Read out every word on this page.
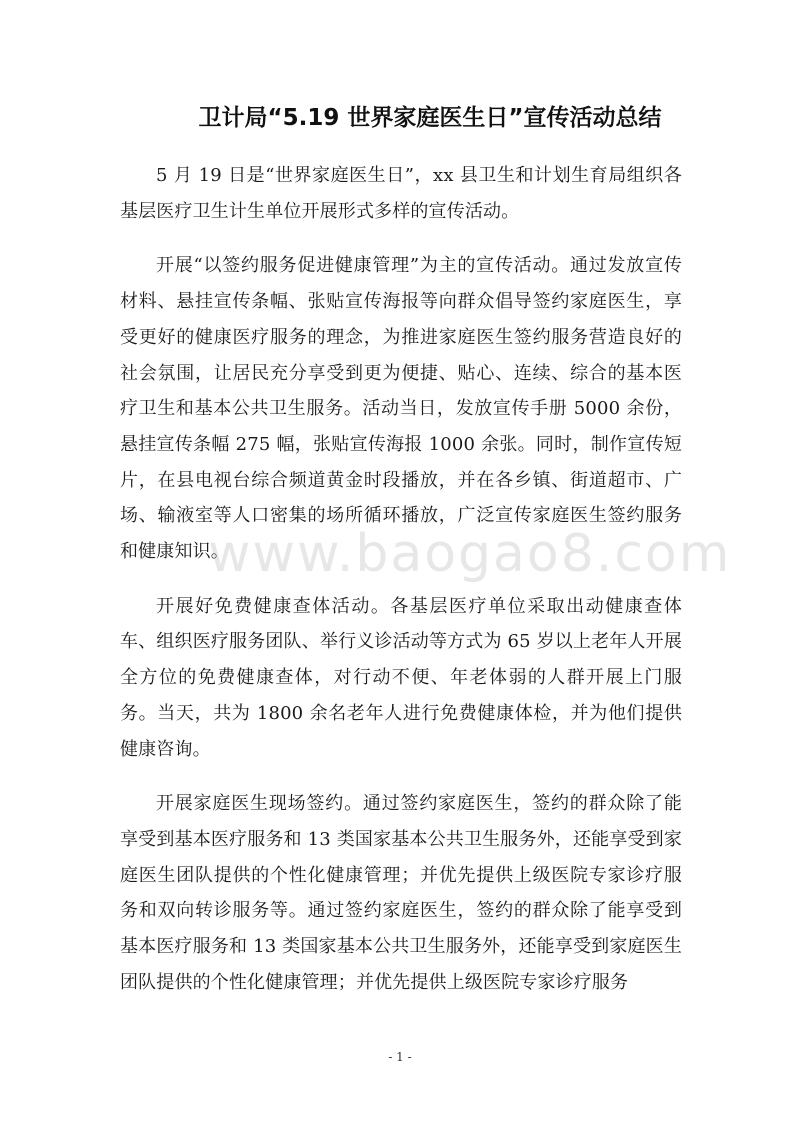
卫计局“5.19 世界家庭医生日”宣传活动总结

5 月 19 日是“世界家庭医生日”，xx 县卫生和计划生育局组织各基层医疗卫生计生单位开展形式多样的宣传活动。

开展“以签约服务促进健康管理”为主的宣传活动。通过发放宣传材料、悬挂宣传条幅、张贴宣传海报等向群众倡导签约家庭医生，享受更好的健康医疗服务的理念，为推进家庭医生签约服务营造良好的社会氛围，让居民充分享受到更为便捷、贴心、连续、综合的基本医疗卫生和基本公共卫生服务。活动当日，发放宣传手册 5000 余份，悬挂宣传条幅 275 幅，张贴宣传海报 1000 余张。同时，制作宣传短片，在县电视台综合频道黄金时段播放，并在各乡镇、街道超市、广场、输液室等人口密集的场所循环播放，广泛宣传家庭医生签约服务和健康知识。

开展好免费健康查体活动。各基层医疗单位采取出动健康查体车、组织医疗服务团队、举行义诊活动等方式为 65 岁以上老年人开展全方位的免费健康查体，对行动不便、年老体弱的人群开展上门服务。当天，共为 1800 余名老年人进行免费健康体检，并为他们提供健康咨询。

开展家庭医生现场签约。通过签约家庭医生，签约的群众除了能享受到基本医疗服务和 13 类国家基本公共卫生服务外，还能享受到家庭医生团队提供的个性化健康管理；并优先提供上级医院专家诊疗服务和双向转诊服务等。通过签约家庭医生，签约的群众除了能享受到基本医疗服务和 13 类国家基本公共卫生服务外，还能享受到家庭医生团队提供的个性化健康管理；并优先提供上级医院专家诊疗服务

www.baogao8.com
- 1 -
